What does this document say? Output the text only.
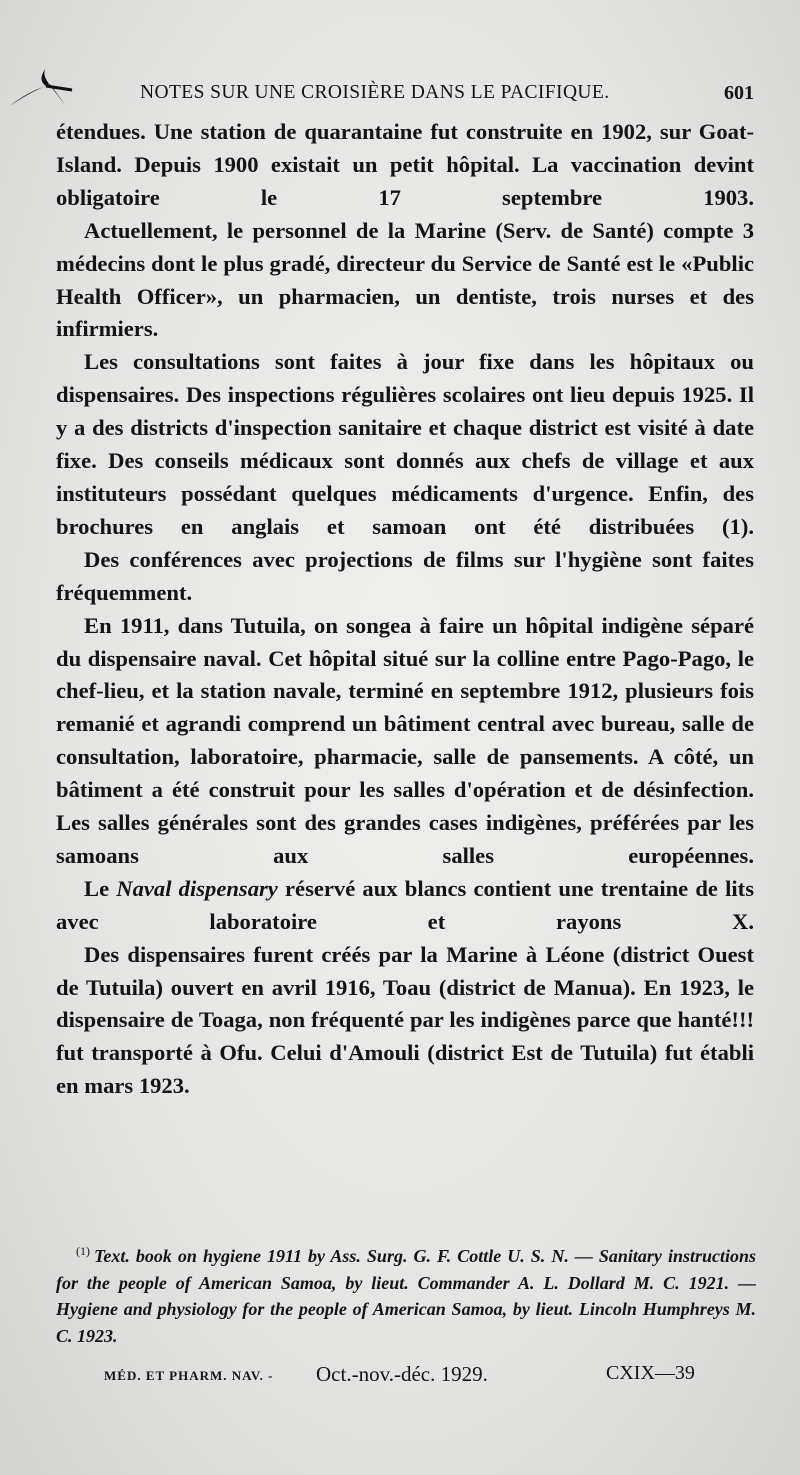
NOTES SUR UNE CROISIÈRE DANS LE PACIFIQUE.	601

étendues. Une station de quarantaine fut construite en 1902, sur Goat-Island. Depuis 1900 existait un petit hôpital. La vaccination devint obligatoire le 17 septembre 1903.

Actuellement, le personnel de la Marine (Serv. de Santé) compte 3 médecins dont le plus gradé, directeur du Service de Santé est le «Public Health Officer», un pharmacien, un dentiste, trois nurses et des infirmiers.

Les consultations sont faites à jour fixe dans les hôpitaux ou dispensaires. Des inspections régulières scolaires ont lieu depuis 1925. Il y a des districts d'inspection sanitaire et chaque district est visité à date fixe. Des conseils médicaux sont donnés aux chefs de village et aux instituteurs possédant quelques médicaments d'urgence. Enfin, des brochures en anglais et samoan ont été distribuées (1).

Des conférences avec projections de films sur l'hygiène sont faites fréquemment.

En 1911, dans Tutuila, on songea à faire un hôpital indigène séparé du dispensaire naval. Cet hôpital situé sur la colline entre Pago-Pago, le chef-lieu, et la station navale, terminé en septembre 1912, plusieurs fois remanié et agrandi comprend un bâtiment central avec bureau, salle de consultation, laboratoire, pharmacie, salle de pansements. A côté, un bâtiment a été construit pour les salles d'opération et de désinfection. Les salles générales sont des grandes cases indigènes, préférées par les samoans aux salles européennes.

Le Naval dispensary réservé aux blancs contient une trentaine de lits avec laboratoire et rayons X.

Des dispensaires furent créés par la Marine à Léone (district Ouest de Tutuila) ouvert en avril 1916, Toau (district de Manua). En 1923, le dispensaire de Toaga, non fréquenté par les indigènes parce que hanté!!! fut transporté à Ofu. Celui d'Amouli (district Est de Tutuila) fut établi en mars 1923.

$^{(1)}$ Text. book on hygiene 1911 by Ass. Surg. G. F. Cottle U. S. N. — Sanitary instructions for the people of American Samoa, by lieut. Commander A. L. Dollard M. C. 1921. — Hygiene and physiology for the people of American Samoa, by lieut. Lincoln Humphreys M. C. 1923.
MÉD. ET PHARM. NAV. - Oct.-nov.-déc. 1929.	CXIX—39
